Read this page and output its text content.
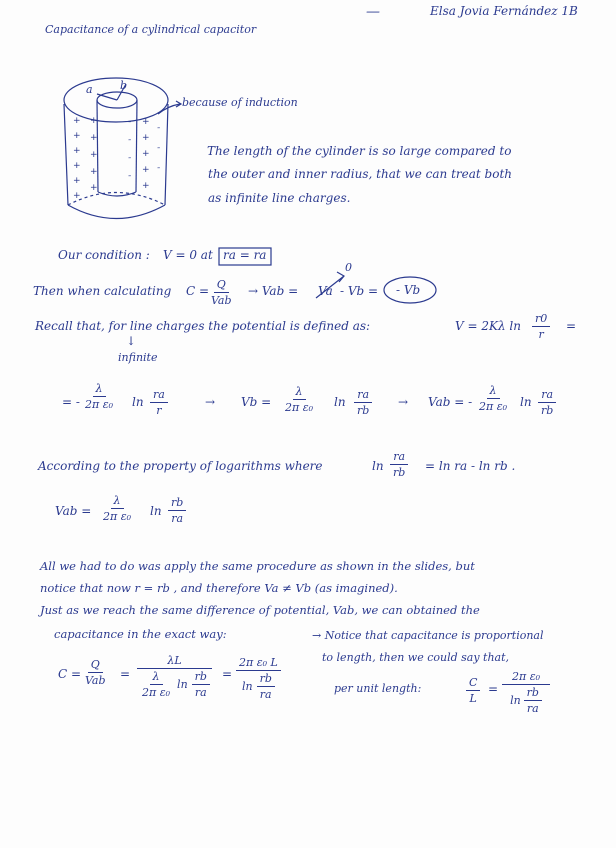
Capacitance of a cylindrical capacitor
—	Elsa Jovia Fernández 1B
+
+
+
+
+
+
+
+
+
+
+
-
-
-
-
+
+
+
+
+
-
-
-
a b
because of induction
The length of the cylinder is so large compared to
the outer and inner radius, that we can treat both
as infinite line charges.
Our condition : V = 0 at ra = ra
Then when calculating C = Q
Vab
→ Vab = Va - Vb =
0
- Vb
Recall that, for line charges the potential is defined as:	V = 2Kλ $\ln \frac{r0}{r}$ =
↓
infinite
= - $\frac{\lambda}{\text{2π ε₀}}$ $\ln \frac{ra}{r}$	→ $Vb = \frac{\lambda}{\text{2π ε₀}}$ $\ln \frac{ra}{rb}$ → Vab = - $\frac{\lambda}{\text{2π ε₀}}$ $\ln \frac{ra}{rb}$
According to the property of logarithms where	$\ln \frac{ra}{rb} = \ln$ ra - ln rb .
Vab = $\frac{\lambda}{\text{2π ε₀}}$ $\ln \frac{rb}{ra}$
All we had to do was apply the same procedure as shown in the slides, but
notice that now r = rb , and therefore Va ≠ Vb (as imagined).
Just as we reach the same difference of potential, Vab, we can obtained the
capacitance in the exact way:
C =
Q
Vab = $\frac{\lambda L}{\frac{\lambda}{\text{2π ε₀}} \ln \frac{rb}{ra}} = \frac{\text{2π ε₀ L}}{\ln \frac{rb}{ra}}$
→ Notice that capacitance is proportional
to length, then we could say that,
per unit length:	$\frac{C}{L} = \frac{\text{2π ε₀}}{\ln \frac{rb}{ra}}$
